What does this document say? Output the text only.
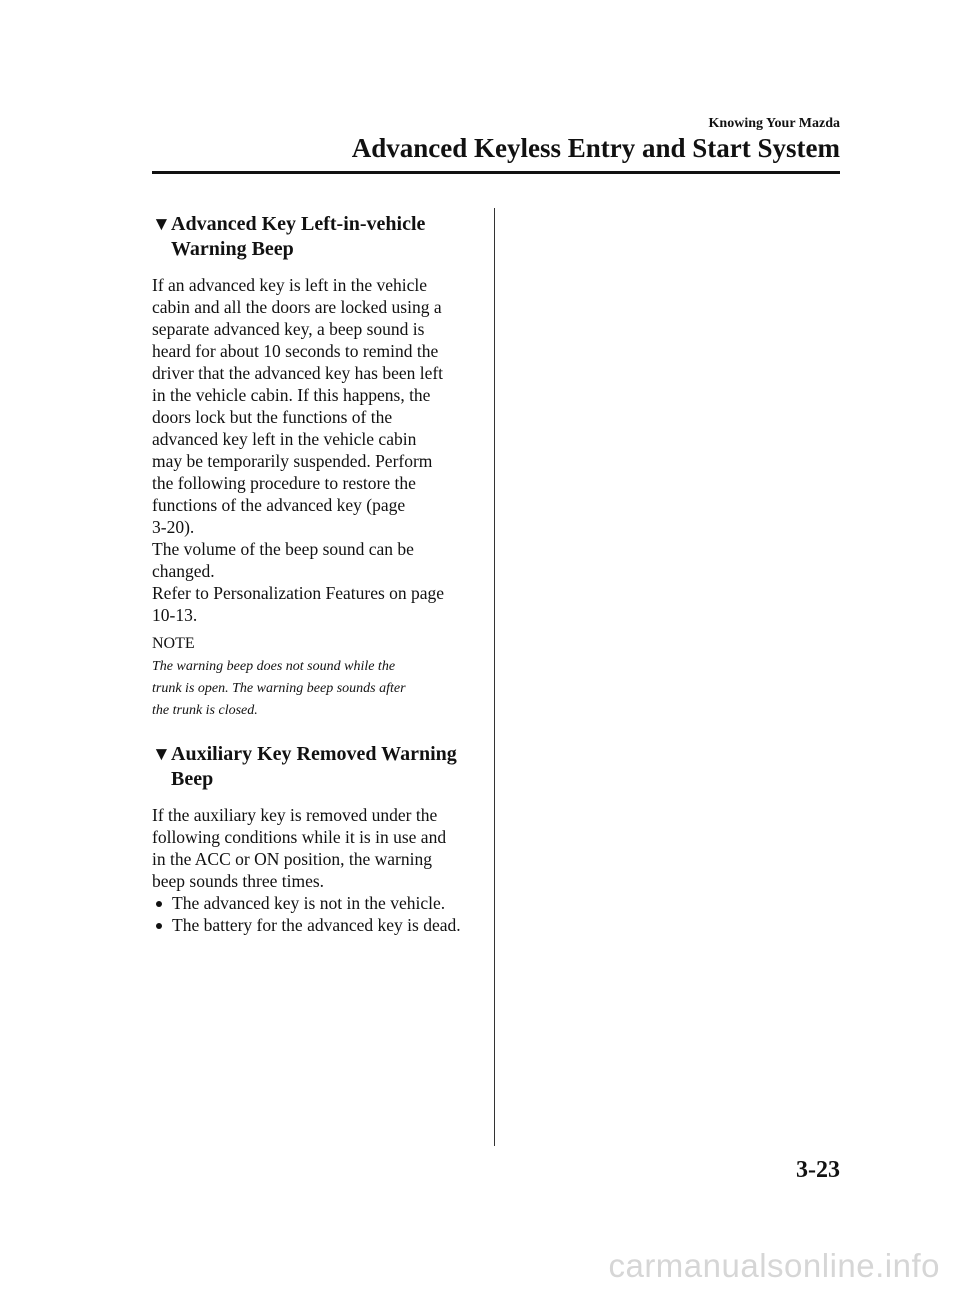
Knowing Your Mazda
Advanced Keyless Entry and Start System
▼Advanced Key Left-in-vehicle Warning Beep

If an advanced key is left in the vehicle
cabin and all the doors are locked using a
separate advanced key, a beep sound is
heard for about 10 seconds to remind the
driver that the advanced key has been left
in the vehicle cabin. If this happens, the
doors lock but the functions of the
advanced key left in the vehicle cabin
may be temporarily suspended. Perform
the following procedure to restore the
functions of the advanced key (page
3-20).
The volume of the beep sound can be
changed.
Refer to Personalization Features on page
10-13.

NOTE

The warning beep does not sound while the
trunk is open. The warning beep sounds after
the trunk is closed.

▼Auxiliary Key Removed Warning Beep

If the auxiliary key is removed under the
following conditions while it is in use and
in the ACC or ON position, the warning
beep sounds three times.

The advanced key is not in the vehicle.
The battery for the advanced key is dead.
3-23
carmanualsonline.info
